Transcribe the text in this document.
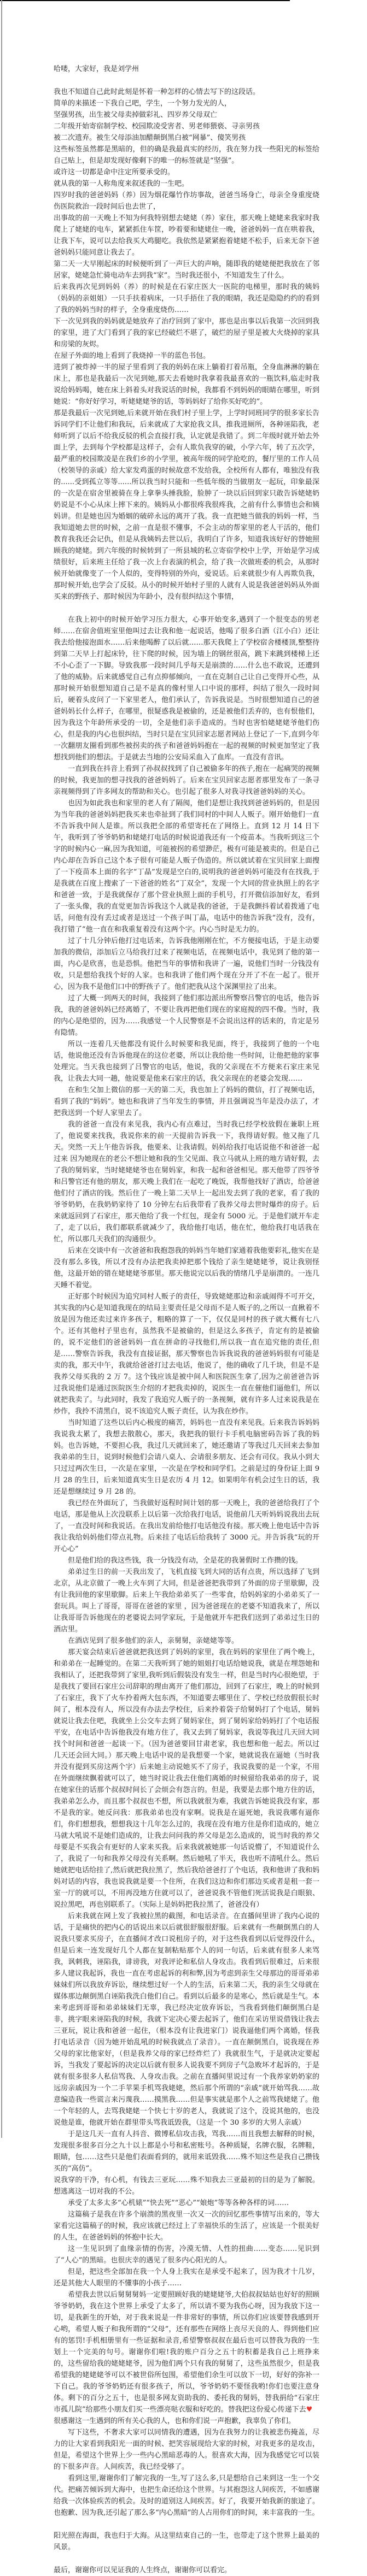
哈喽，大家好，我是刘学州

我也不知道自己此时此刻是怀着一种怎样的心情去写下的这段话。

简单的来描述一下我自己吧，学生，一个努力发光的人，

坚强男孩，出生被父母卖掉做彩礼、四岁养父母双亡

二年级开始寄宿制学校、校园欺凌受害者、男老师猥亵、寻亲男孩

被二次遗弃。被生父母添油加醋颠倒黑白被“网暴”、傻笑男孩

这些标签虽然都是黑暗的，但的确是我最真实的经历，我在努力找一些阳光的标签给自己贴上，但是却发现好像剩下的唯一的标签就是“坚强”。

或许这一切都是命中注定所要承受的。

就从我的第一人称角度来叙述我的一生吧。

四岁时我的爸爸妈妈（养）因为烟花爆竹作坊事故，爸爸当场身亡，母亲全身重度烧伤医院救治一段时间后也去世了，

出事故的前一天晚上不知为何我特别想去姥姥（养）家住，那天晚上姥姥来我家时我爬上了姥姥的电车，紧紧抓住车筐，吵着要和姥姥住一晚，爸爸妈妈一直在哄着我，让我下车，说可以去给我买大鸡腿吃。我依然是紧紧抱着姥姥不松手，后来无奈下爸爸妈妈只能同意让我去了。

第二天一大早刚起床的时候便听到了一声巨大的声响，随即我的姥姥便把我放在了邻居家，姥姥急忙骑电动车去到我“家”。当时我还很小，不知道发生了什么。

后来我再次见到妈妈（养）的时候是在石家庄医大一医院的电梯里，那时我的姨妈（妈妈的亲姐姐）一只手扶着病床，一只手捂住了我的眼睛，我还是隐隐约约的看到了我的妈妈当时的样子，全身重度烧伤……

下一次见到我的妈妈就是她放弃了治疗回到了家中，那也是出事以后我第一次回到我的家里，进了大门看到了我的家已经破烂不堪了，破烂的屋子里是被大火烧掉的家具和房梁的灰烬。

在屋子外面的地上看到了我烧掉一半的蓝色书包。

进到了被炸掉一半的屋子里看到了我的妈妈在床上躺着打着吊瓶，全身血淋淋的躺在床上，那也是我最后一次见到她,那天去看她时我拿着我最喜欢的一瓶饮料,临走时我说给妈妈喝，她在床上斜着头对我说话的时候，我都看不到妈妈的眼睛在哪里，听到她说：“你好好学习，听姥姥姥爷的话，等妈妈好了给你买好吃的”。

那是我最后一次见到她,后来就开始在我们村子里上学，上学时同班同学的很多家长告诉同学们不让他们和我玩，后来就成了大家抢我文具，推我进厕所，各种诬陷我，老师听到了以后不给我反驳的机会直接打我，认定就是我错了。到二年级时就开始去外面上学，去到每个学校都是这样子，会有人欺负我穿的破，小学六年，转了五次学，最严重的校园欺凌是在我们乡的小学里，被高年级的同学抢吃的，餐厅里的工作人员（校领导的亲戚）给大家发鸡蛋的时候故意不发给我，全校所有人都有，唯独没有我的......受到孤立等等......所以我当时只能和一些低年级的当做朋友一起玩，印象最深的一次是在宿舍里被骑在身上拿拳头捶我脸，脸肿了一块以后回到家只敢告诉姥姥奶奶说是不小心从床上摔下来的。姨妈从小都很疼我很疼我，之前有什么事情也会和姨妈讲。但是她也因为婚姻的破碎永远的离开了我。我一直把她当做我的妈妈一样，当我知道她去世的时候，之前一直是很不懂事，不会主动的帮家里的老人干活的，他们教育我我还会记仇，但是从我姨妈去世以后，我明白了许多，知道我该好好的替她照顾我的姥姥。到六年级的时候转到了一所县城的私立寄宿学校中上学，开始是学习成绩很好，后来班主任给了我一次上台表演的机会，给了我一次做班委的机会，从那时候开始就像变了一个人似的，变得特别的外向，爱说话。后来就很少有人再欺负我，那时候开始,也学会了反驳。从小的时候开始村子里的人就有人说是我爸爸妈妈从外面买来的野孩子、那时候因为年龄小，没有很纠结这个事情，

在我上初中的时候开始学习压力很大，心事开始变多,遇到了一个很变态的男老师……在宿舍值班室里他叫过去让我和他一起说话，他喝了很多白酒（江小白）还让我去给他接泡面水……后来他喝醉了以后就……那天我爬上了学校宿舍楼楼顶,整整待到第二天早上打起床铃，往下爬的时候，因为墙上的钢丝很高，跳下来跳到楼梯上还不小心歪了一下脚。导致我那一段时间几乎每天是崩溃的……什么也不敢说，还遭到了他的威胁。后来就感觉自己有点抑郁倾向，一直在克制自己让自己变得开心些，从那时候开始很想知道自己是不是真的像村里人口中说的那样，纠结了很久一段时间后，硬着头皮问了一下家里老人，他们承认了，告诉我说是。当时很想知道自己的爸爸妈妈长什么样子，在哪里，很疑惑我是被偷的，还是被他们丢弃的，也有恨他们，因为我这个年龄所承受的一切，全是他们亲手造成的。当时也害怕姥姥姥爷他们伤心，但是我的内心也很纠结，当时只是在宝贝回家志愿者网站上登记了一下,直到今年一次翻朋友圈看到那些被拐卖的孩子和爸爸妈妈抱在一起的视频的时候更加坚定了我想找到他们的想法。于是就去当地的公安局采血入了血库。一直没有音讯。

一直到我在抖音上看到了孙叔叔找到了自己被偷多年的孩子,抱在一起痛哭的视频的时候，我更加的想寻找我的爸爸妈妈了。后来在宝贝回家志愿者那里发布了一条寻亲视频得到了许多网友的帮助和关心。也引起了很多人对我寻找爸爸妈妈的关心。

也因为如此我也和家里的老人有了隔阂，他们是想让我找到爸爸妈妈的，但是因为当年我的爸爸妈妈把我买来也牵扯到了我们同村的中间人人贩子。刚开始他们一直不告诉我中间人是谁。所以我把全部的希望寄托在了网络上。直到 12 月 14 日下午，我听到了爷爷奶奶和姥姥打电话的时候说道我还有一个疫苗本。当我听到这三个字的时候内心一麻,因为我知道，可能被拐的希望渺茫，极有可能是被卖的。但是自己内心却在告诉自己这个本子很有可能是人贩子伪造的。所以就试着在宝贝回家上面搜了一下疫苗本上面的名字“丁晶”发现是空白的,说明我的爸爸妈妈可能没有在找我,于是我就在百度上搜索了一下爸爸的姓名“丁双全”，发现一个大同的营业执照上的名字和爸爸一致，于是我就保存了那个营业执照上面的手机号，打开微信添加好友，看到了一张头像，我的直觉更加告诉我这个人就是我的爸爸，于是我颤抖着试着拨通了电话，问他有没有丢过或者是送过一个孩子叫丁晶，电话中的他告诉我“没有，没有，我打错了”他一直在和我重复着没有这两个字。内心当时是无力的。

过了十几分钟后他打过电话来，告诉我他刚刚在忙，不方便接电话，于是主动要加我的微信，添加后立马给我打过来了视频电话，在视频电话中，我见到了他的第一面，内心是欣喜，也是恐惧。他把当年的事情和我讲了一遍，说他们当时一分钱没有收，只是想给我找个好的人家。也和我讲了他们两个现在分开了不在一起了。很开心，因为我不是他们口中的野孩子了。他们把我从这个深渊里拉了出来。

过了大概一到两天的时间，我接到了他们那边派出所警察吕警官的电话，他告诉我，我的爸爸妈妈已经离婚了，不要让我再把他们现在的家庭搅的四不像。当时，我的内心是绝望的，因为……我感觉一个人民警察是不会说出这样的话来的，肯定是另有隐情。

所以一连着几天他都没有说什么时候要和我见面，终于，我接到了他的一个电话，他说他还没有告诉他现在的这位老婆，所以让我给他一些时间，让他把他的家事处理完。当天我也接到了吕警官的电话，他说，我的父亲现在不方便来石家庄来见我，让我去大同一趟，他说要是他来石家庄的话，我父亲现在的老婆会发现……

在和生父加上微信的那一天的第二天，我也加上了妈妈的微信，打了视频电话，看到了我的“妈妈”。她也和我讲了当年发生的事情，并且强调说当年是没办法了，才把我送到一个好人家里去了。

我的爸爸一直没有来见我，我内心有点难过，当时我已经学校放假在兼职上班了，他说要来找我，我说你来的前一天提前告诉我一下，我得请好假。他又拖了几天。突然一天上午他告诉我，他要来、让我请假。妈妈给我打电话说他不和爸爸一起过来 因为她现在的老公不想让她和我的生父见面、我立马就从上班的地方请好假，去了我的舅妈家，当时姥姥姥爷也在舅妈家，和我一起和爸爸相见。那天他带了四爷爷和吕警官还有他的朋友，那天晚上我们在一起吃了晚饭，我帮他找好了酒店，给爸爸他们付了酒店的钱。然后住了一晚上第二天早上一起出发去到了我的老家，看了我的爷爷奶奶，在我奶奶家待了 10 分钟左右后我带看了我养父母去世时爆炸的房子。后来就返回到了石家庄，那天他给了我一个红包，现金有 5000 元。于是他们就开车走了，走了以后，我们都联系就减少了，我给他打电话，他在忙，他给我打电话我在忙，所以那几天我们的沟通很少。

后来在交谈中有一次爸爸和我抱怨我的妈妈当年她们家通着我他要彩礼,他实在是没有那么多钱，所以才没有办法把我卖掉把那个钱给了亲生姥姥姥爷，说让我别怪他，这最开始的错在姥姥姥爷那里。那天他说完以后我的情绪几乎是崩溃的。一连几天睡不着觉。

正好那个时候因为追究同村人贩子的责任，导致姥姥那边和亲戚闹得不可开交，其实我的内心是知道我现在的结局主要责任是父母而不是人贩子的,之所以一直揪着不放是因为他还卖过来许多孩子，粗略的算了一下，仅仅是同村的孩子就大概有七八个。还有其他村子里也有，虽然我不是被偷的，但是这么多孩子，肯定有的是被偷的，说不定他们的爸爸妈妈一直在拼命的寻找他们,所以我一直在追究他的责任,但是……警察告诉我，我没有直接证据，那天警察也告诉我说我的爸爸妈妈很有可能是卖的我，那天中午，我就给爸爸打过去电话，他说了，他的确收了几千块，但是不是我养父母买我的 2 万 7。这个钱应该是被中间人和医院医生拿了,因为之前爸爸告诉过我说他们是通过医院医生介绍的才把我卖掉的，说医生一直在催他们逼他们，所以就把我卖了。与此同时，我发了我追究人贩子的一条视频，就有许多人过来说我是在炒作，我拎不清黑白，说不该追究人贩子责任，认为我在炒作。

当时知道了这些以后内心极度的痛苦，妈妈也一直没有来见我。后来我告诉妈妈我说我太累了，我想去散散心，那天，我把我的银行卡手机电脑密码告诉了我的妈妈。也告诉她，不要担心我，我过几天就回来了，她还邀请了等我过几天回来去参加我弟弟的生日，说到时候他们会请八桌人、会请很多朋友、还会有司仪。我从小到大只过过两次生日，一次是在家里，一次是在学校和同学们。之前是过的身份证上面 9 月 28 的生日，后来知道真实生日是农历 4 月 12。如果明年有机会过生日的话，我还是想继续过 9 月 28 的。

我已经在外面玩了，当我做好返程时间计划的那一天晚上，我的爸爸给我打了个电话，那是他从上次没联系上以后第一次给我打电话，说他前几天听妈妈说我出去玩了，一直没时间和我说话。在我出发前给他打电话他没有接。那天晚上他电话中告诉我让我给妈妈他们带点礼物。后来挂了电话后给我转了 3000 元。并告诉我“玩的开开心心”

但是他们给的我这些钱，我一分钱没有动，全是花的我暑假时工作攒的钱。

弟弟过生日的前一天我出发了，飞机直接飞到大同的话有点贵，所以选择了飞到北京，从北京做了一晚上火车到了大同，但是爸爸把我带到了外面的房子里歇脚，没有让我回他的家里歇脚。后来上午我给弟弟买了一些零食，给妈妈家的小弟弟买了一套玩具。叫上了哥哥，哥哥在爸爸的家里 ，因为爸爸现在的老婆不知道我来了，所以让我哥哥告诉他现在的老婆说去同学家玩，于是他就开车把我们送到了弟弟过生日的酒店里。

在酒店见到了很多他们的亲人，亲舅舅，亲姥姥等等。

那天宴会结束后爸爸就把我送到了妈妈的家里，我在妈妈的家里住了两个晚上，和弟弟在一起睡觉的。在第二天我听到了她的姐姐打电话给她说我，就是在埋怨她和我相认了，还把我带到了家里,我听到后假装没有发生一样，但是当时内心很绝望，于是我找了要回石家庄公司辞职的理由离开了他们那边，回到了石家庄，晚上的时候到了石家庄，我下了火车拎着两大包东西，不知道要去哪里住了、学校已经放假很长时间了，根本没有人，所以没有办法去学校住，后来拎着袋子给舅妈打了个电话，舅妈就说让我去住吧，我就坐上公交车去到了舅妈家住，到了舅妈家给妈妈打了个电话报平安，在电话中告诉他我没有地方住了，我又去到了舅妈家，我说等我过几天回大同找个时间和爸爸一起谈一下。（因为爸爸要回甘肃老家，我也想和他一起去。所以过几天还会回大同。）那天晚上电话中说的是我想要一个家，她就说我在逼她（当时我并没有提到买房这两个字）后来她主动说她买不了房子，我说我要的是一个家，不用在外面继续飘着就可以了，她当时说让我去住他们离婚的时候留给我弟弟的房子，说在她家住的话那个叔叔时间长了会烦会有怨言的。但是，我要是去那个地方住的话，我弟弟怎么办，而且那个叔叔也不想，所以我就很为难，我就告诉她说我没有家，那不是我的家。她反问我：那我弟弟也没有家啊。说我是在逼死她，我说我哪有逼你们，你们想想我，想想我这十几年怎么过的，我现在没有地方住是你们造成的，她立马就大吼说不是她们造成的，让我去问问我的养父母是怎么造成的，说当时我的养父母要是不买我会有更好的人家来买我。后来我就被她那一句话说懵了，不知道说什么了，我说了一句和我养父母没有关系啊。然后她吼了半天，我也听不清吼什么。然后她就把电话给挂了,然后就把我拉黑了，然后我给爸爸打了个电话，我和他讲了我和妈妈对话的内容，我也说我就是要一个住所，在我们这边和你们那边买或者是租一套一室一厅的就可以，不用再没地方住就可以了，爸爸说我不管他们死活说我是白眼狼、说拉黑吧，再也别联系了。（实际上是妈妈把我拉黑了，爸爸没有）

后来我就在网上发了我被拉黑的截图，和电话录音。在直播间里讲了我内心说的话，于是痛快的把内心的话说出来以后就很舒服很舒服。后来就有一些颠倒黑白的人说我只要求买房子，在直播间才改口说租房子的，对于这些我看到以后觉得没什么，但是后来一连发现好几个人都在复制粘贴那个人的同一句话，后来就有很多人来骂我，讽刺我，诬陷我，诽谤我，对我评论和私信人身攻击。我看到后很难过，后来很多人建议我起诉，我也一直在考虑起诉的利和弊,因为考虑到亲生父母那边的哥哥弟弟妹妹们所以我放弃诉讼，继续想过好一个人的生活，后来第二天，我的亲生父母就在媒体那边颠倒黑白诬陷我洗白他们自己。看到以后最多的是寒心，然后就是生气。本来考虑到哥哥和弟弟妹妹们无辜，我已经决定放弃诉讼，当我看到他们颠倒黑白是非，挑字眼来诬陷我的时候，我就下定决心要去起诉了，他们在采访里说借钱让我去三亚玩，说让我和爸爸一起住，（根本没有让我进家门）说我逼他们两个离婚，怪我打电话录音（因为她开始乱吼的时候我就点了录音）。一直在颠倒黑白，说我现在养父母的家比他家好，（但是我养父母的家已经炸烂了）我就很生气，于是就决定要起诉，当我发了要起诉的决定以后就有很多人说我要不到房子气急败坏才起诉的，于是就有很多很多人私信骂我、人身攻击我。之前在直播间里说过有一个我养家奶奶家的远房亲戚因为一个二手苹果手机骂我姥姥，然后那个所谓的“亲戚”就开始骂我……故意编造我一些谎言来污蔑我……摸黑我……但是事实就是那个人之前骂我姥姥了。他一个年轻的人，去骂我姥姥一个快七十岁的老人，我就说了这个，没说其他的，也没说他是谁，他就开始在群里带头骂我诋毁我，（这是一个 30 多岁的大男人亲戚）

于是这几天一直有人抖音、微博私信攻击我，骂我……而且我想去解释的时候，发现很多很多百分之九十以上都是小号和私密账号。各种质疑，名牌衣服，名牌鞋，眼睛，包……这些只是他们表面看到的，就用来诋毁我……殊不知这些是我自己攒钱买的“高仿”。

说我穿的干净，有心机，有钱去三亚玩……殊不知我去三亚最初的目的是为了解脱。想逃离这一切对我的不公。

承受了太多太多“心机婊”“快去死”“恶心”“娘炮”等等各种各样的词……

这篇稿子是我在许多个崩溃的黑夜里一次又一次的回忆那些事情写出来的，等大家看完这篇稿子的时候，我应该就已经过上了幸福快乐的生活了，应该是一个很美好的人生，在爸爸妈妈的怀抱中长大。

这一生见识到了血缘亲情的伤害，冷漠无情、人性的扭曲……变态……见识到了“人心”的黑暗。也很庆幸的遇见了很多内心阳光的人。

但是，把这些全部加在我一个人身上我实在是承受不起来了，因为我才十几岁，还是其他大人眼里的不懂事的小孩子……

希望我去世以后舅舅舅妈一定要照顾好我的姥姥姥爷,大伯叔叔姑姑也好好的照顾爷爷奶奶，我在这个世界上承受了太多了，所以请不要为我伤心呀，因为我放下这一切，是我新生的开始，对于我来说是一件非常好的事情，所以你们应该要替我感到开心哟，希望人贩子和我所谓的“父母”，还有那些在网络上丧尽天良的人、得到他们应有的惩罚!手机相册里有一些证据和录音,希望警察叔叔在最后也可以替我为我的一生划上一个完美的句号。谢谢你们啦!我的账户百分之五十的积蓄是我自己上班挣来的，这些留给我的姥姥姥爷，因为他们两个只有我的舅舅了，这些虽然很少，但是我希望我的姥姥姥爷可以不被世俗所包围，希望他们余生可以放下一切，好好的弥补一下自己。我的爷爷奶奶还有很多孩子，所以，爷爷奶奶不要怪我哟!你们也要注意身体。剩下的百分之五十，也是很多网友资助我的、委托我的舅妈，替我捐给“石家庄市孤儿院”给那些小朋友们买一些漂亮哒衣服和好吃的。替我把这份爱心传递下去♥　很感谢这一生遇到的所有关心我的人，也和你们说一声抱歉，我辜负了你们。

写下这些，不奢求大家可以同情我的遭遇，因为在我努力的让我被悲伤掩盖，尽力的让大家看到我阳光一面的时候、把笑容展现给大家的时候，对我更多的是攻击，但是，希望这个世界上少一些内心黑暗恶毒的人。很喜欢大海，因为我感觉它可以装的下很多声音。人间疾苦，我已经受够了。

看到这里,谢谢你们了解完我的一生,写了这么多,只是想给自己来到这一生一个交代。把痛苦倾诉到大海中，也把生命还给这个世界。与其抱怨这人间疾苦，不如感谢给我一次体验疾苦的机会。及时的道别这人间疾苦。好了，我要开始我新的旅途了。也抱歉、因为我,还引起了那么多“内心黑暗”的人占用你们的时间，来丰富我的一生。

阳光照在海面，我也归于大海。从这里结束自己的一生，也带走了这个世界上最美的风景。

最后，谢谢你可以见证我的人生终点，谢谢你可以看完。
